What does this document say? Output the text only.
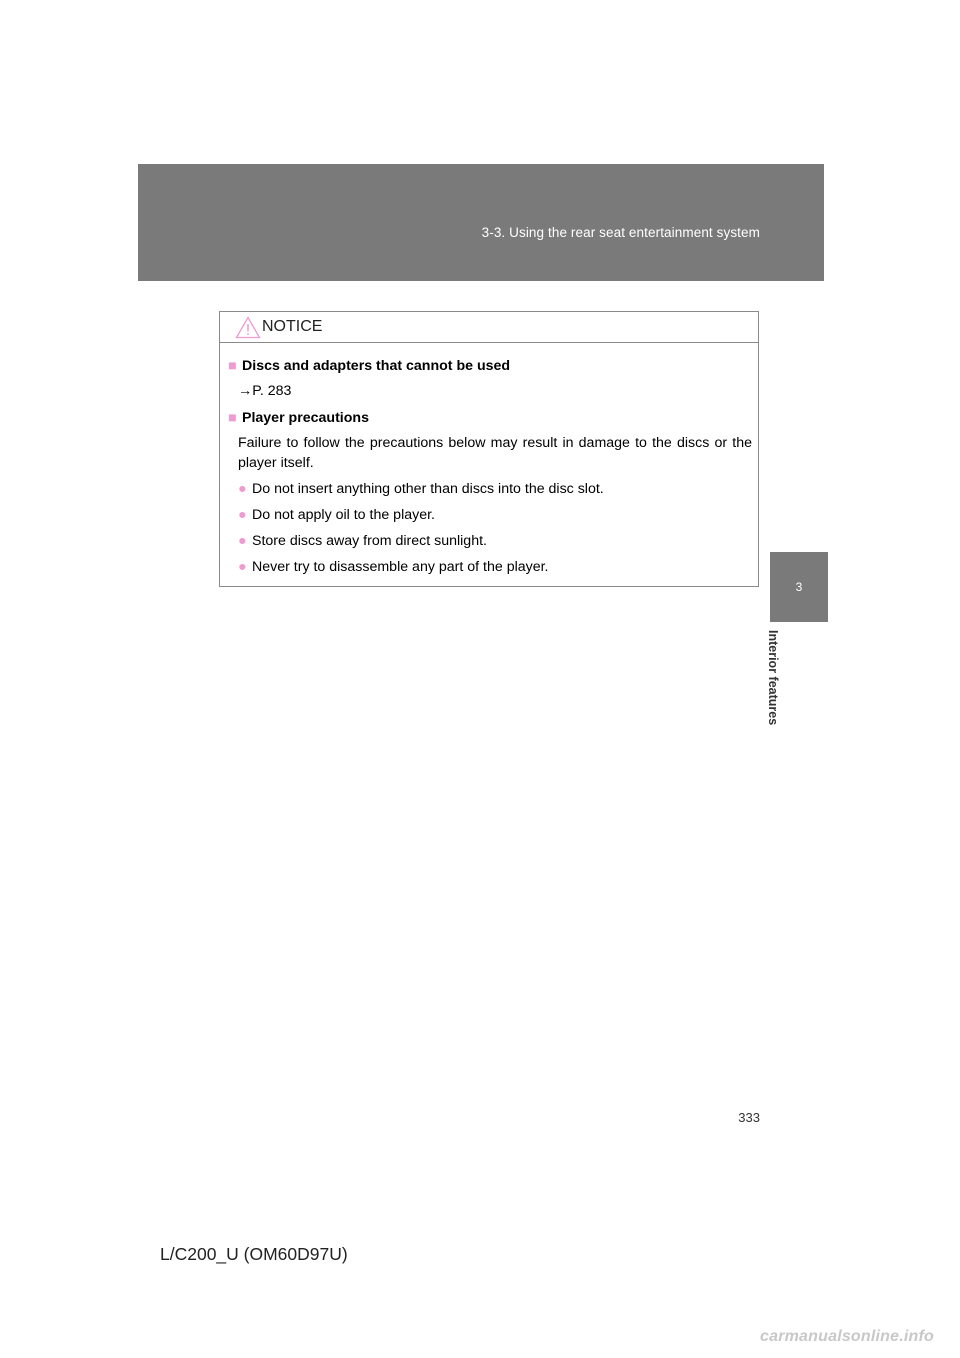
3-3. Using the rear seat entertainment system
3
Interior features
NOTICE
■ Discs and adapters that cannot be used
→P. 283
■ Player precautions
Failure to follow the precautions below may result in damage to the discs or the player itself.
● Do not insert anything other than discs into the disc slot.
● Do not apply oil to the player.
● Store discs away from direct sunlight.
● Never try to disassemble any part of the player.
333
L/C200_U (OM60D97U)
carmanualsonline.info
